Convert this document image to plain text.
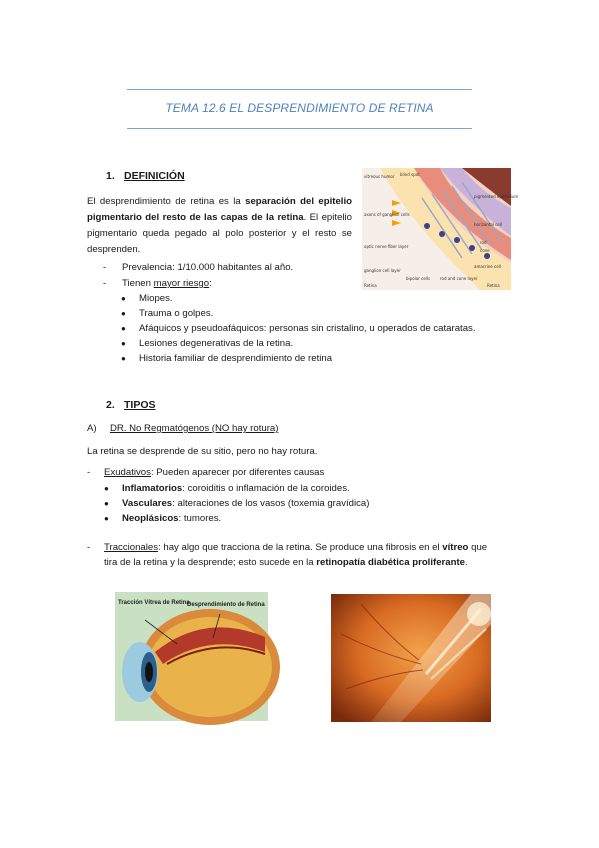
TEMA 12.6 EL DESPRENDIMIENTO DE RETINA
1. DEFINICIÓN
El desprendimiento de retina es la separación del epitelio pigmentario del resto de las capas de la retina. El epitelio pigmentario queda pegado al polo posterior y el resto se desprenden.
- Prevalencia: 1/10.000 habitantes al año.
- Tienen mayor riesgo:
● Miopes.
● Trauma o golpes.
● Afáquicos y pseudoafáquicos: personas sin cristalino, u operados de cataratas.
● Lesiones degenerativas de la retina.
● Historia familiar de desprendimiento de retina
vitreous humor blind spot
axons of ganglion cells
optic nerve fiber layer
ganglion cell layer
bipolar cells rod and cone layer
pigmented epithelium
horizontal cell
rod
cone
amacrine cell
Retina	Retina
2. TIPOS
A) DR. No Regmatógenos (NO hay rotura)
La retina se desprende de su sitio, pero no hay rotura.
- Exudativos: Pueden aparecer por diferentes causas
● Inflamatorios: coroiditis o inflamación de la coroides.
● Vasculares: alteraciones de los vasos (toxemia gravídica)
● Neoplásicos: tumores.
- Traccionales: hay algo que tracciona de la retina. Se produce una fibrosis en el vítreo que
tira de la retina y la desprende; esto sucede en la retinopatía diabética proliferante.
Tracción Vítrea de Retina
Desprendimiento de Retina
